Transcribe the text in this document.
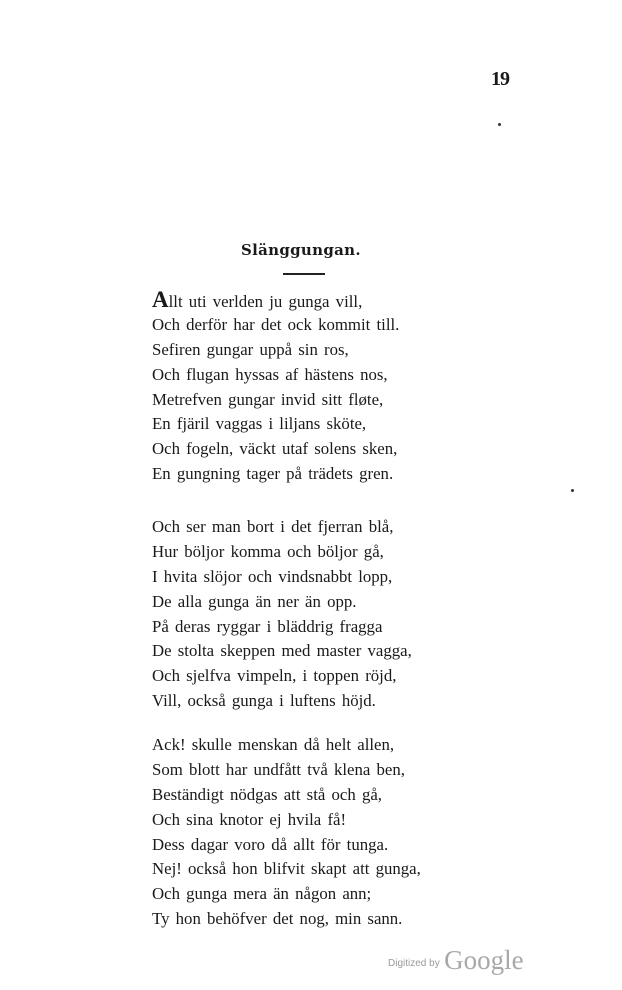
19
Slänggungan.
Allt uti verlden ju gunga vill,
Och derför har det ock kommit till.
Sefiren gungar uppå sin ros,
Och flugan hyssas af hästens nos,
Metrefven gungar invid sitt fløte,
En fjäril vaggas i liljans sköte,
Och fogeln, väckt utaf solens sken,
En gungning tager på trädets gren.
Och ser man bort i det fjerran blå,
Hur böljor komma och böljor gå,
I hvita slöjor och vindsnabbt lopp,
De alla gunga än ner än opp.
På deras ryggar i bläddrig fragga
De stolta skeppen med master vagga,
Och sjelfva vimpeln, i toppen röjd,
Vill, också gunga i luftens höjd.
Ack! skulle menskan då helt allen,
Som blott har undfått två klena ben,
Beständigt nödgas att stå och gå,
Och sina knotor ej hvila få!
Dess dagar voro då allt för tunga.
Nej! också hon blifvit skapt att gunga,
Och gunga mera än någon ann;
Ty hon behöfver det nog, min sann.
Digitized by Google
